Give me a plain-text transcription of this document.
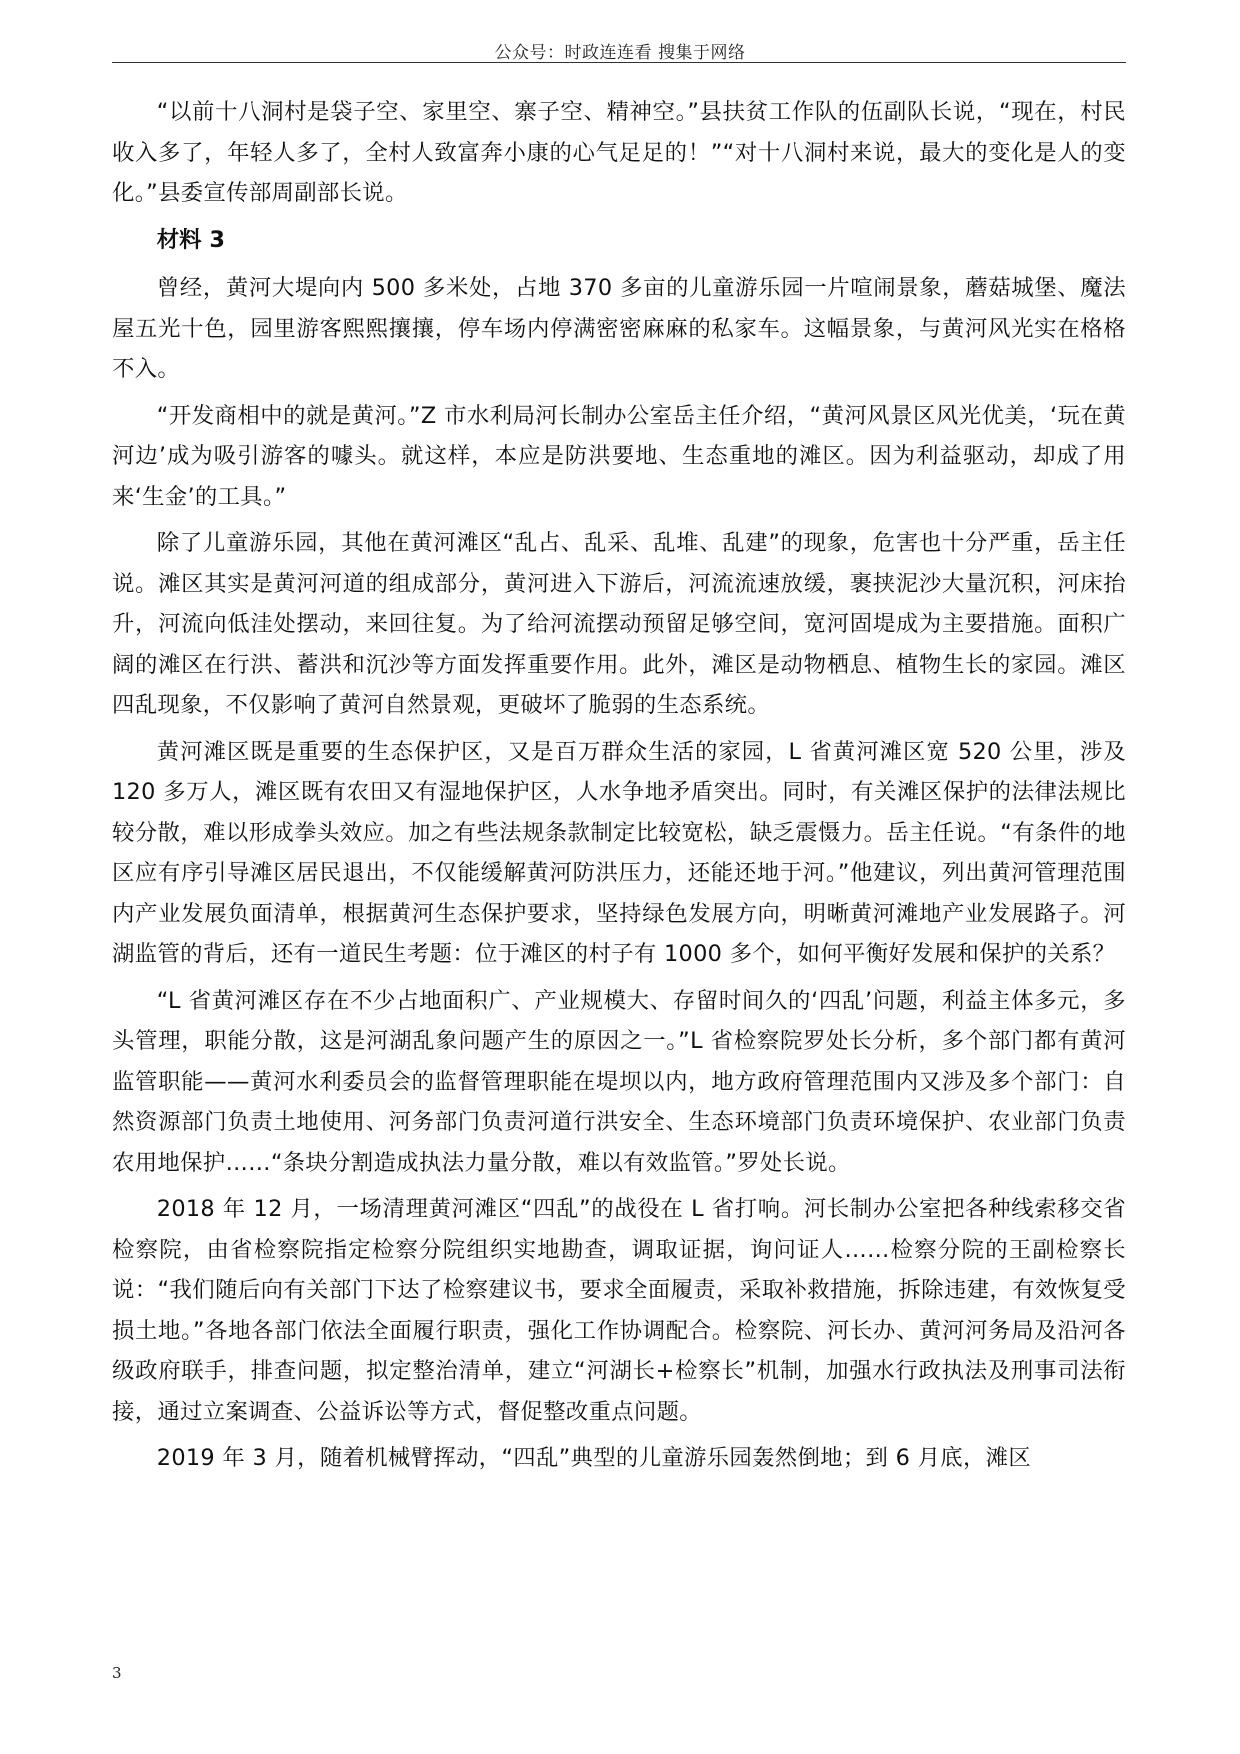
公众号：时政连连看 搜集于网络

“以前十八洞村是袋子空、家里空、寨子空、精神空。”县扶贫工作队的伍副队长说，“现在，村民收入多了，年轻人多了，全村人致富奔小康的心气足足的！”“对十八洞村来说，最大的变化是人的变化。”县委宣传部周副部长说。

材料 3

曾经，黄河大堤向内 500 多米处，占地 370 多亩的儿童游乐园一片喧闹景象，蘑菇城堡、魔法屋五光十色，园里游客熙熙攘攘，停车场内停满密密麻麻的私家车。这幅景象，与黄河风光实在格格不入。

“开发商相中的就是黄河。”Z 市水利局河长制办公室岳主任介绍，“黄河风景区风光优美，‘玩在黄河边’成为吸引游客的噱头。就这样，本应是防洪要地、生态重地的滩区。因为利益驱动，却成了用来‘生金’的工具。”

除了儿童游乐园，其他在黄河滩区“乱占、乱采、乱堆、乱建”的现象，危害也十分严重，岳主任说。滩区其实是黄河河道的组成部分，黄河进入下游后，河流流速放缓，裹挟泥沙大量沉积，河床抬升，河流向低洼处摆动，来回往复。为了给河流摆动预留足够空间，宽河固堤成为主要措施。面积广阔的滩区在行洪、蓄洪和沉沙等方面发挥重要作用。此外，滩区是动物栖息、植物生长的家园。滩区四乱现象，不仅影响了黄河自然景观，更破坏了脆弱的生态系统。

黄河滩区既是重要的生态保护区，又是百万群众生活的家园，L 省黄河滩区宽 520 公里，涉及 120 多万人，滩区既有农田又有湿地保护区，人水争地矛盾突出。同时，有关滩区保护的法律法规比较分散，难以形成拳头效应。加之有些法规条款制定比较宽松，缺乏震慑力。岳主任说。“有条件的地区应有序引导滩区居民退出，不仅能缓解黄河防洪压力，还能还地于河。”他建议，列出黄河管理范围内产业发展负面清单，根据黄河生态保护要求，坚持绿色发展方向，明晰黄河滩地产业发展路子。河湖监管的背后，还有一道民生考题：位于滩区的村子有 1000 多个，如何平衡好发展和保护的关系？

“L 省黄河滩区存在不少占地面积广、产业规模大、存留时间久的‘四乱’问题，利益主体多元，多头管理，职能分散，这是河湖乱象问题产生的原因之一。”L 省检察院罗处长分析，多个部门都有黄河监管职能——黄河水利委员会的监督管理职能在堤坝以内，地方政府管理范围内又涉及多个部门：自然资源部门负责土地使用、河务部门负责河道行洪安全、生态环境部门负责环境保护、农业部门负责农用地保护……“条块分割造成执法力量分散，难以有效监管。”罗处长说。

2018 年 12 月，一场清理黄河滩区“四乱”的战役在 L 省打响。河长制办公室把各种线索移交省检察院，由省检察院指定检察分院组织实地勘查，调取证据，询问证人……检察分院的王副检察长说：“我们随后向有关部门下达了检察建议书，要求全面履责，采取补救措施，拆除违建，有效恢复受损土地。”各地各部门依法全面履行职责，强化工作协调配合。检察院、河长办、黄河河务局及沿河各级政府联手，排查问题，拟定整治清单，建立“河湖长+检察长”机制，加强水行政执法及刑事司法衔接，通过立案调查、公益诉讼等方式，督促整改重点问题。

2019 年 3 月，随着机械臂挥动，“四乱”典型的儿童游乐园轰然倒地；到 6 月底，滩区

3
